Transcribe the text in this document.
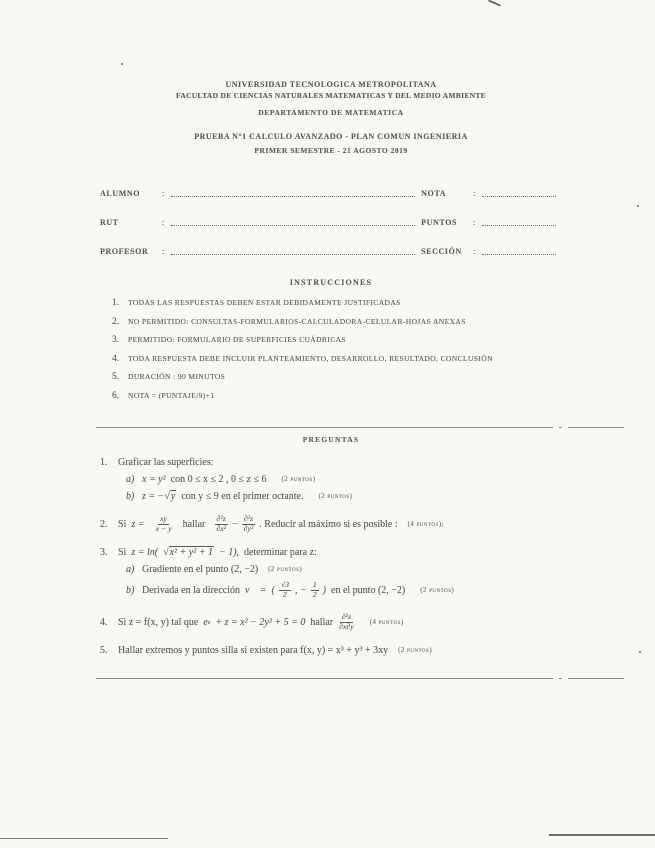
UNIVERSIDAD TECNOLOGICA METROPOLITANA
FACULTAD DE CIENCIAS NATURALES MATEMATICAS Y DEL MEDIO AMBIENTE
DEPARTAMENTO DE MATEMATICA
PRUEBA N°1 CALCULO AVANZADO - PLAN COMUN INGENIERIA
PRIMER SEMESTRE - 21 AGOSTO 2019
ALUMNO	:	NOTA	:
RUT	:	PUNTOS	:
PROFESOR	:	SECCIÓN	:
INSTRUCCIONES
1.	TODAS LAS RESPUESTAS DEBEN ESTAR DEBIDAMENTE JUSTIFICADAS
2.	NO PERMITIDO: CONSULTAS-FORMULARIOS-CALCULADORA-CELULAR-HOJAS ANEXAS
3.	PERMITIDO: FORMULARIO DE SUPERFICIES CUÁDRICAS
4.	TODA RESPUESTA DEBE INCLUIR PLANTEAMIENTO, DESARROLLO, RESULTADO, CONCLUSIÓN
5.	DURACIÓN : 90 MINUTOS
6.	NOTA = (PUNTAJE/9)+1
PREGUNTAS
1.	Graficar las superficies:
a) x = y² con 0 ≤ x ≤ 2 , 0 ≤ z ≤ 6 (2 puntos)
b) z = − √y con y ≤ 9 en el primer octante. (2 puntos)
2.	Si $z = \frac{xy}{x - y}$ hallar $\frac{\text{∂²z}}{\text{∂x²}} - \frac{\text{∂²z}}{\text{∂y²}}$ . Reducir al máximo si es posible : (4 puntos);
3.	Si z = ln( √x² + y² + 1 − 1), determinar para z:
a) Gradiente en el punto (2, −2) (2 puntos)
b) Derivada en la dirección v⃗ = ( $\frac{√3}{2}$ , − $\frac{1}{2}$ ) en el punto (2, −2) (2 puntos)
4.	Si z = f(x, y) tal que e z + z = x² − 2y² + 5 = 0 hallar $\frac{\text{∂²z}}{\partial x\partial y} (4$ puntos)
5.	Hallar extremos y puntos silla si existen para f(x, y) = x³ + y³ + 3xy (2 puntos)
